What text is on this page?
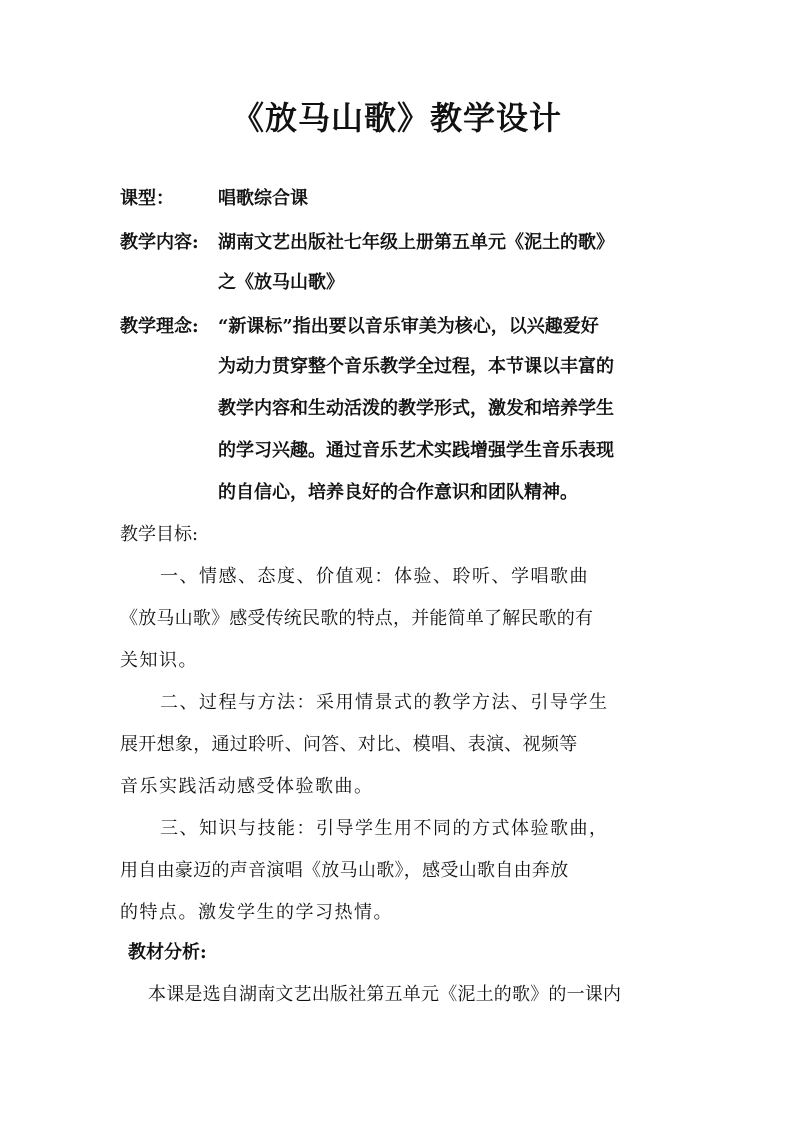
《放马山歌》教学设计
课型：	唱歌综合课
教学内容:	湖南文艺出版社七年级上册第五单元《泥土的歌》
之《放马山歌》
教学理念:	“新课标”指出要以音乐审美为核心，以兴趣爱好
为动力贯穿整个音乐教学全过程，本节课以丰富的
教学内容和生动活泼的教学形式，激发和培养学生
的学习兴趣。通过音乐艺术实践增强学生音乐表现
的自信心，培养良好的合作意识和团队精神。
教学目标:
一、情感、态度、价值观：体验、聆听、学唱歌曲
《放马山歌》感受传统民歌的特点，并能简单了解民歌的有
关知识。
二、过程与方法：采用情景式的教学方法、引导学生
展开想象，通过聆听、问答、对比、模唱、表演、视频等
音乐实践活动感受体验歌曲。
三、知识与技能：引导学生用不同的方式体验歌曲，
用自由豪迈的声音演唱《放马山歌》，感受山歌自由奔放
的特点。激发学生的学习热情。
教材分析:
本课是选自湖南文艺出版社第五单元《泥土的歌》的一课内
